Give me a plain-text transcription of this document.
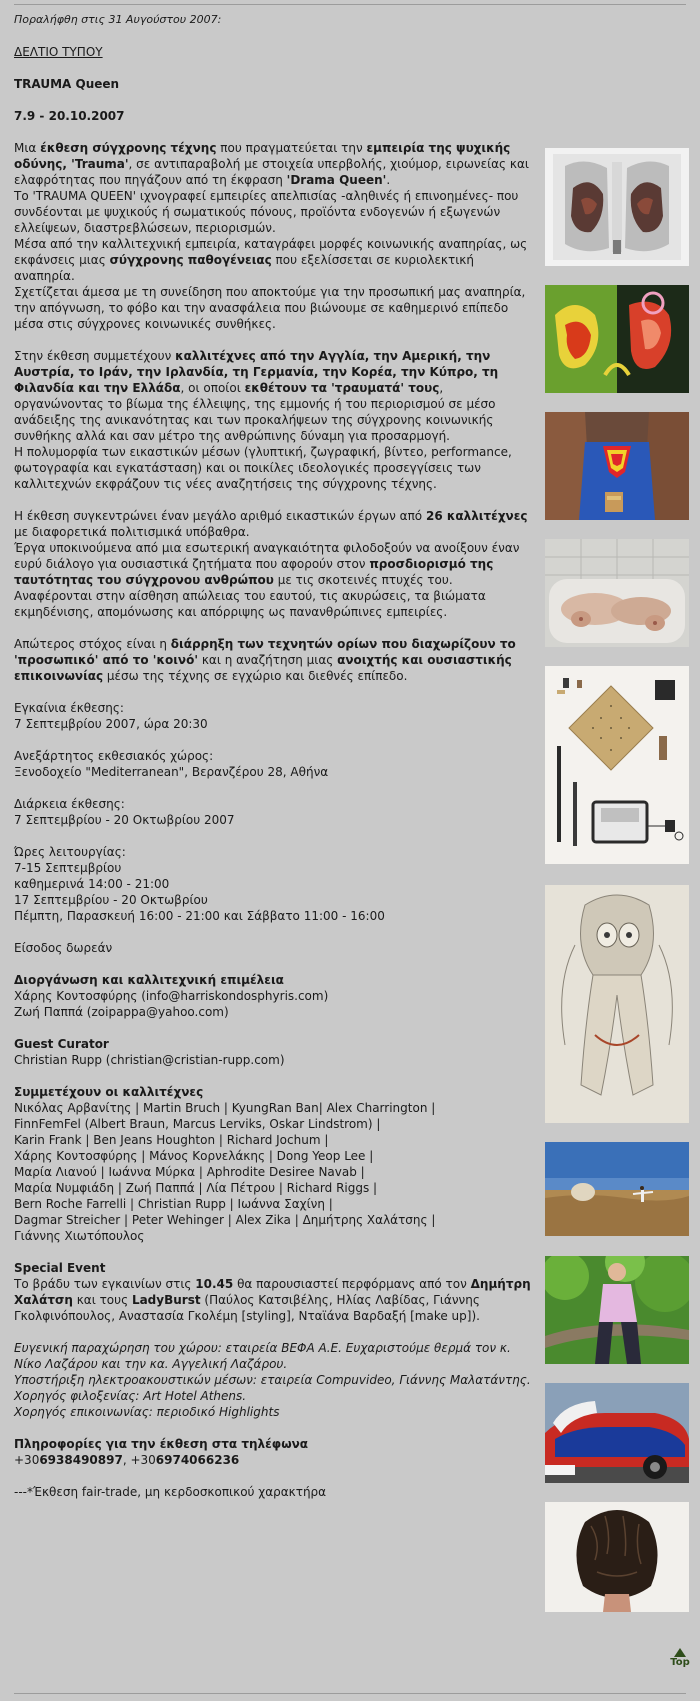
Ποραλήφθη στις 31 Αυγούστου 2007:

ΔΕΛΤΙΟ ΤΥΠΟΥ

TRAUMA Queen

7.9 - 20.10.2007

Μια έκθεση σύγχρονης τέχνης που πραγματεύεται την εμπειρία της ψυχικής οδύνης, 'Trauma', σε αντιπαραβολή με στοιχεία υπερβολής, χιούμορ, ειρωνείας και ελαφρότητας που πηγάζουν από τη έκφραση 'Drama Queen'.

Το 'TRAUMA QUEEN' ιχνογραφεί εμπειρίες απελπισίας -αληθινές ή επινοημένες- που συνδέονται με ψυχικούς ή σωματικούς πόνους, προϊόντα ενδογενών ή εξωγενών ελλείψεων, διαστρεβλώσεων, περιορισμών.

Μέσα από την καλλιτεχνική εμπειρία, καταγράφει μορφές κοινωνικής αναπηρίας, ως εκφάνσεις μιας σύγχρονης παθογένειας που εξελίσσεται σε κυριολεκτική αναπηρία.

Σχετίζεται άμεσα με τη συνείδηση που αποκτούμε για την προσωπική μας αναπηρία, την απόγνωση, το φόβο και την ανασφάλεια που βιώνουμε σε καθημερινό επίπεδο μέσα στις σύγχρονες κοινωνικές συνθήκες.

Στην έκθεση συμμετέχουν καλλιτέχνες από την Αγγλία, την Αμερική, την Αυστρία, το Ιράν, την Ιρλανδία, τη Γερμανία, την Κορέα, την Κύπρο, τη Φιλανδία και την Ελλάδα, οι οποίοι εκθέτουν τα 'τραυματά' τους, οργανώνοντας το βίωμα της έλλειψης, της εμμονής ή του περιορισμού σε μέσο ανάδειξης της ανικανότητας και των προκαλήψεων της σύγχρονης κοινωνικής συνθήκης αλλά και σαν μέτρο της ανθρώπινης δύναμη για προσαρμογή.

Η πολυμορφία των εικαστικών μέσων (γλυπτική, ζωγραφική, βίντεο, performance, φωτογραφία και εγκατάσταση) και οι ποικίλες ιδεολογικές προσεγγίσεις των καλλιτεχνών εκφράζουν τις νέες αναζητήσεις της σύγχρονης τέχνης.

Η έκθεση συγκεντρώνει έναν μεγάλο αριθμό εικαστικών έργων από 26 καλλιτέχνες με διαφορετικά πολιτισμικά υπόβαθρα.

Έργα υποκινούμενα από μια εσωτερική αναγκαιότητα φιλοδοξούν να ανοίξουν έναν ευρύ διάλογο για ουσιαστικά ζητήματα που αφορούν στον προσδιορισμό της ταυτότητας του σύγχρονου ανθρώπου με τις σκοτεινές πτυχές του. Αναφέρονται στην αίσθηση απώλειας του εαυτού, τις ακυρώσεις, τα βιώματα εκμηδένισης, απομόνωσης και απόρριψης ως πανανθρώπινες εμπειρίες.

Απώτερος στόχος είναι η διάρρηξη των τεχνητών ορίων που διαχωρίζουν το 'προσωπικό' από το 'κοινό' και η αναζήτηση μιας ανοιχτής και ουσιαστικής επικοινωνίας μέσω της τέχνης σε εγχώριο και διεθνές επίπεδο.

Εγκαίνια έκθεσης:

7 Σεπτεμβρίου 2007, ώρα 20:30

Ανεξάρτητος εκθεσιακός χώρος:

Ξενοδοχείο "Mediterranean", Βερανζέρου 28, Αθήνα

Διάρκεια έκθεσης:

7 Σεπτεμβρίου - 20 Οκτωβρίου 2007

Ώρες λειτουργίας:

7-15 Σεπτεμβρίου

καθημερινά 14:00 - 21:00

17 Σεπτεμβρίου - 20 Οκτωβρίου

Πέμπτη, Παρασκευή 16:00 - 21:00 και Σάββατο 11:00 - 16:00

Είσοδος δωρεάν

Διοργάνωση και καλλιτεχνική επιμέλεια

Χάρης Κοντοσφύρης (info@harriskondosphyris.com)

Ζωή Παππά (zoipappa@yahoo.com)

Guest Curator

Christian Rupp (christian@cristian-rupp.com)

Συμμετέχουν οι καλλιτέχνες

Νικόλας Αρβανίτης | Martin Bruch | KyungRan Ban| Alex Charrington |
FinnFemFel (Albert Braun, Marcus Lerviks, Oskar Lindstrom) |
Karin Frank | Ben Jeans Houghton | Richard Jochum |
Χάρης Κοντοσφύρης | Μάνος Κορνελάκης | Dong Yeop Lee |
Μαρία Λιανού | Ιωάννα Μύρκα | Aphrodite Desiree Navab |
Μαρία Νυμφιάδη | Ζωή Παππά | Λία Πέτρου | Richard Riggs |
Bern Roche Farrelli | Christian Rupp | Ιωάννα Σαχίνη |
Dagmar Streicher | Peter Wehinger | Alex Zika | Δημήτρης Χαλάτσης |
Γιάννης Χιωτόπουλος

Special Event

Το βράδυ των εγκαινίων στις 10.45 θα παρουσιαστεί περφόρμανς από τον Δημήτρη Χαλάτση και τους LadyBurst (Παύλος Κατσιβέλης, Ηλίας Λαβίδας, Γιάννης Γκολφινόπουλος, Αναστασία Γκολέμη [styling], Νταϊάνα Βαρδαξή [make up]).

Ευγενική παραχώρηση του χώρου: εταιρεία ΒΕΦΑ Α.Ε. Ευχαριστούμε θερμά τον κ. Νίκο Λαζάρου και την κα. Αγγελική Λαζάρου.
Υποστήριξη ηλεκτροακουστικών μέσων: εταιρεία Compuvideo, Γιάννης Μαλατάντης.
Χορηγός φιλοξενίας: Art Hotel Athens.
Χορηγός επικοινωνίας: περιοδικό Highlights

Πληροφορίες για την έκθεση στα τηλέφωνα

+306938490897, +306974066236

---*Έκθεση fair-trade, μη κερδοσκοπικού χαρακτήρα

Top
